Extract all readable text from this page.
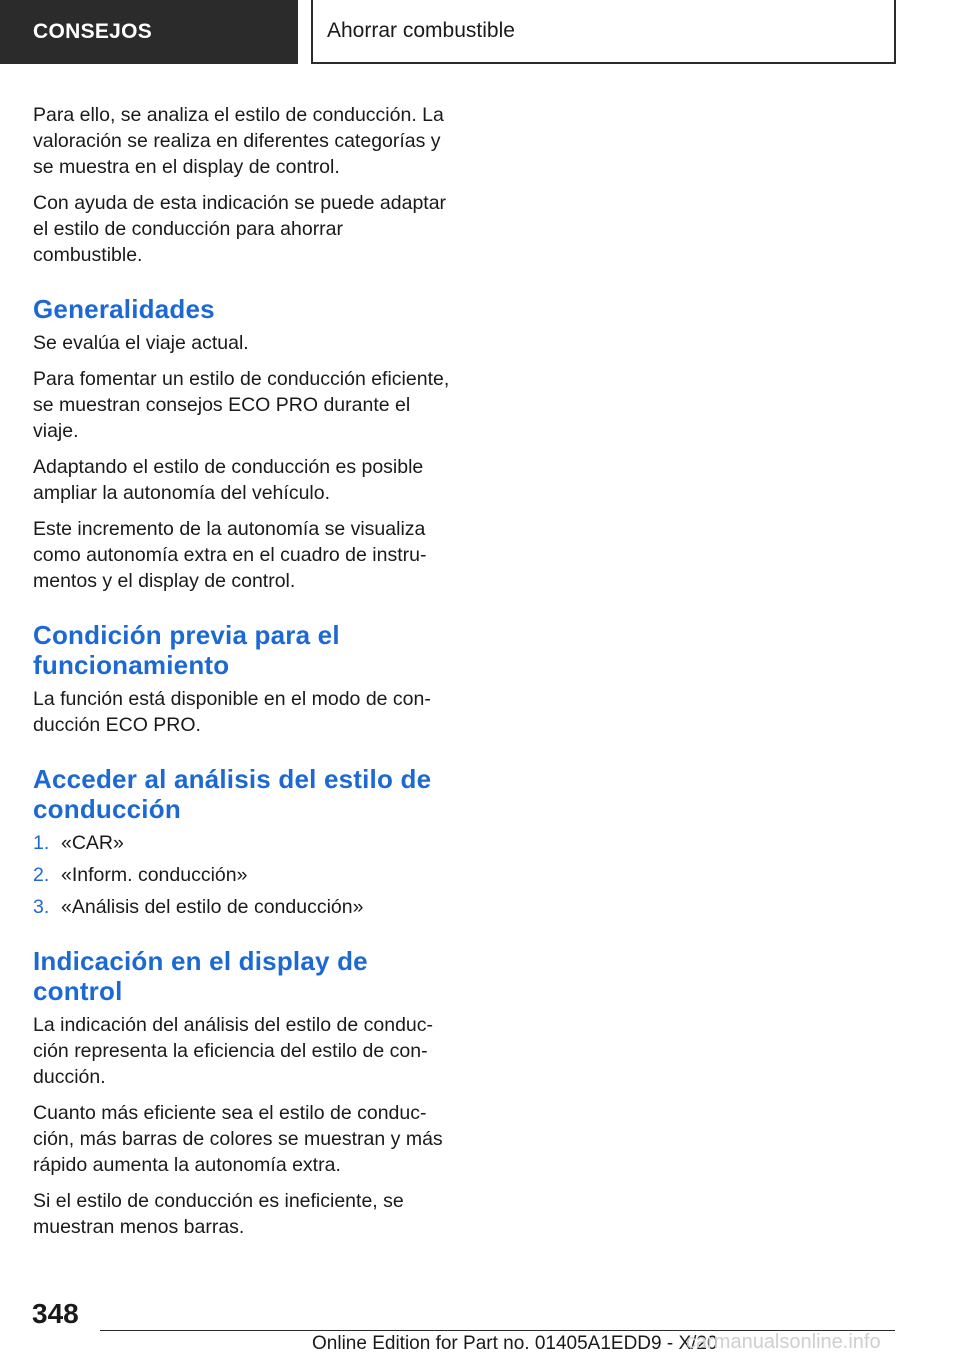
CONSEJOS	Ahorrar combustible

Para ello, se analiza el estilo de conducción. La valoración se realiza en diferentes categorías y se muestra en el display de control.

Con ayuda de esta indicación se puede adaptar el estilo de conducción para ahorrar combustible.

Generalidades

Se evalúa el viaje actual.

Para fomentar un estilo de conducción eficiente, se muestran consejos ECO PRO durante el viaje.

Adaptando el estilo de conducción es posible ampliar la autonomía del vehículo.

Este incremento de la autonomía se visualiza como autonomía extra en el cuadro de instrumentos y el display de control.

Condición previa para el funcionamiento

La función está disponible en el modo de conducción ECO PRO.

Acceder al análisis del estilo de conducción
1. «CAR»
2. «Inform. conducción»
3. «Análisis del estilo de conducción»
Indicación en el display de control

La indicación del análisis del estilo de conducción representa la eficiencia del estilo de conducción.

Cuanto más eficiente sea el estilo de conducción, más barras de colores se muestran y más rápido aumenta la autonomía extra.

Si el estilo de conducción es ineficiente, se muestran menos barras.

348
Online Edition for Part no. 01405A1EDD9 - X/20
carmanualsonline.info
